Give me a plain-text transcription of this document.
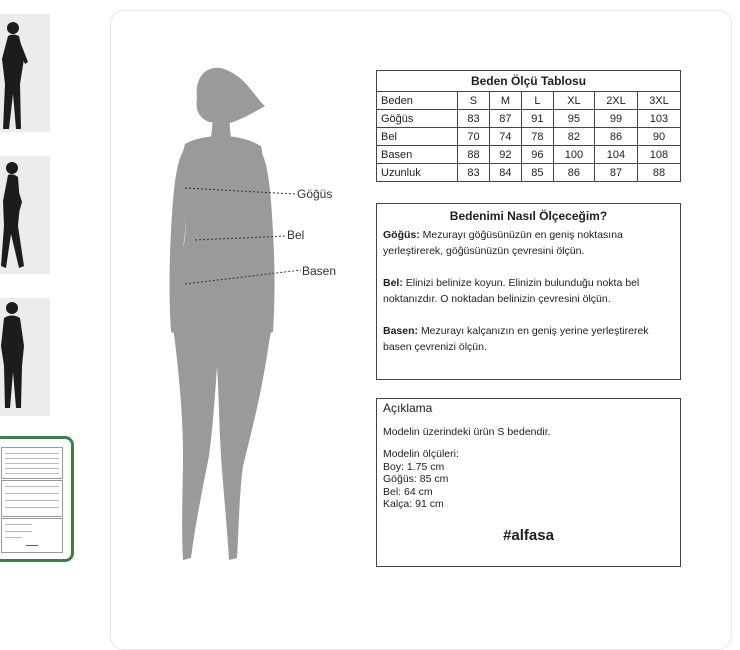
Göğüs
Bel
Basen
Beden Ölçü Tablosu						
Beden	S	M	L	XL	2XL	3XL
Göğüs	83	87	91	95	99	103
Bel	70	74	78	82	86	90
Basen	88	92	96	100	104	108
Uzunluk	83	84	85	86	87	88
Bedenimi Nasıl Ölçeceğim?

Göğüs: Mezurayı göğüsünüzün en geniş noktasına yerleştirerek, göğüsünüzün çevresini ölçün.

Bel: Elinizi belinize koyun. Elinizin bulunduğu nokta bel noktanızdır. O noktadan belinizin çevresini ölçün.

Basen: Mezurayı kalçanızın en geniş yerine yerleştirerek basen çevrenizi ölçün.

Açıklama

Modelin üzerindeki ürün S bedendir.

Modelin ölçüleri:

Boy: 1.75 cm

Göğüs: 85 cm

Bel: 64 cm

Kalça: 91 cm

#alfasa
